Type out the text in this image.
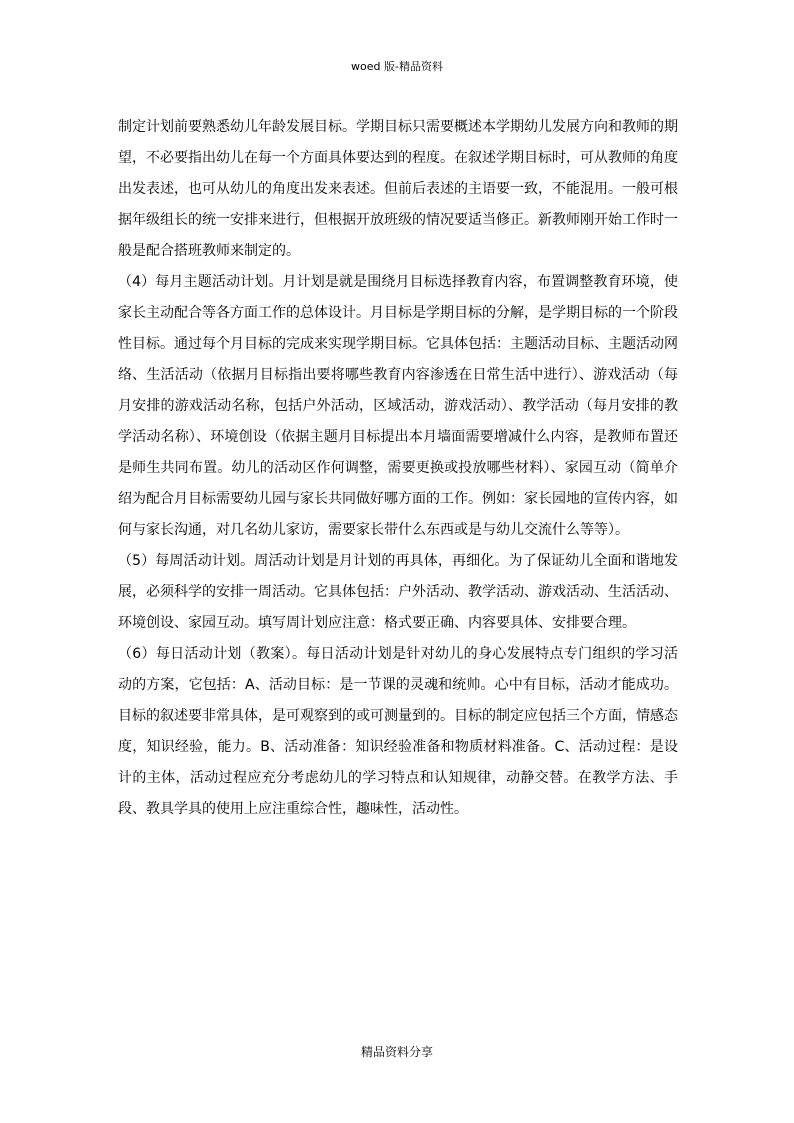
woed 版-精品资料

制定计划前要熟悉幼儿年龄发展目标。学期目标只需要概述本学期幼儿发展方向和教师的期望，不必要指出幼儿在每一个方面具体要达到的程度。在叙述学期目标时，可从教师的角度出发表述，也可从幼儿的角度出发来表述。但前后表述的主语要一致，不能混用。一般可根据年级组长的统一安排来进行，但根据开放班级的情况要适当修正。新教师刚开始工作时一般是配合搭班教师来制定的。

（4）每月主题活动计划。月计划是就是围绕月目标选择教育内容，布置调整教育环境，使家长主动配合等各方面工作的总体设计。月目标是学期目标的分解，是学期目标的一个阶段性目标。通过每个月目标的完成来实现学期目标。它具体包括：主题活动目标、主题活动网络、生活活动（依据月目标指出要将哪些教育内容渗透在日常生活中进行）、游戏活动（每月安排的游戏活动名称，包括户外活动，区域活动，游戏活动）、教学活动（每月安排的教学活动名称）、环境创设（依据主题月目标提出本月墙面需要增减什么内容，是教师布置还是师生共同布置。幼儿的活动区作何调整，需要更换或投放哪些材料）、家园互动（简单介绍为配合月目标需要幼儿园与家长共同做好哪方面的工作。例如：家长园地的宣传内容，如何与家长沟通，对几名幼儿家访，需要家长带什么东西或是与幼儿交流什么等等）。

（5）每周活动计划。周活动计划是月计划的再具体，再细化。为了保证幼儿全面和谐地发展，必须科学的安排一周活动。它具体包括：户外活动、教学活动、游戏活动、生活活动、环境创设、家园互动。填写周计划应注意：格式要正确、内容要具体、安排要合理。

（6）每日活动计划（教案）。每日活动计划是针对幼儿的身心发展特点专门组织的学习活动的方案，它包括：A、活动目标：是一节课的灵魂和统帅。心中有目标，活动才能成功。目标的叙述要非常具体，是可观察到的或可测量到的。目标的制定应包括三个方面，情感态度，知识经验，能力。B、活动准备：知识经验准备和物质材料准备。C、活动过程：是设计的主体，活动过程应充分考虑幼儿的学习特点和认知规律，动静交替。在教学方法、手段、教具学具的使用上应注重综合性，趣味性，活动性。

精品资料分享
